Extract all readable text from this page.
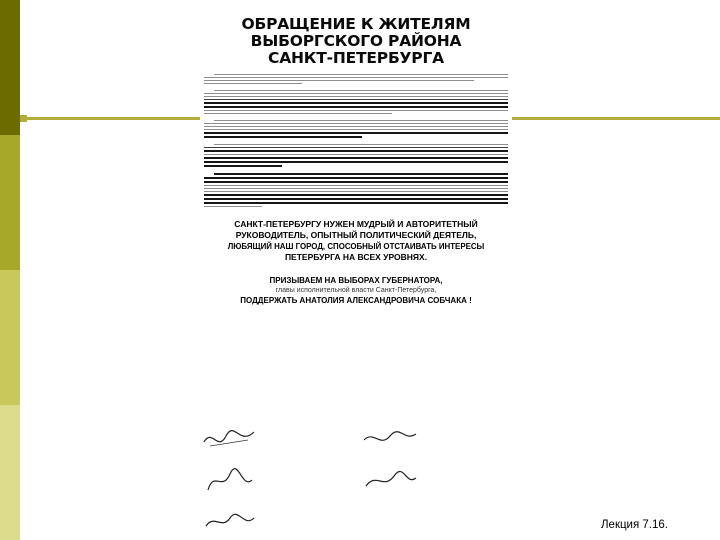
ОБРАЩЕНИЕ К ЖИТЕЛЯМ
ВЫБОРГСКОГО РАЙОНА
САНКТ-ПЕТЕРБУРГА
САНКТ-ПЕТЕРБУРГУ НУЖЕН МУДРЫЙ И АВТОРИТЕТНЫЙ
РУКОВОДИТЕЛЬ, ОПЫТНЫЙ ПОЛИТИЧЕСКИЙ ДЕЯТЕЛЬ,
ЛЮБЯЩИЙ НАШ ГОРОД, СПОСОБНЫЙ ОТСТАИВАТЬ ИНТЕРЕСЫ
ПЕТЕРБУРГА НА ВСЕХ УРОВНЯХ.
ПРИЗЫВАЕМ НА ВЫБОРАХ ГУБЕРНАТОРА,
главы исполнительной власти Санкт-Петербурга,
ПОДДЕРЖАТЬ АНАТОЛИЯ АЛЕКСАНДРОВИЧА СОБЧАКА !
Лекция 7.16.
